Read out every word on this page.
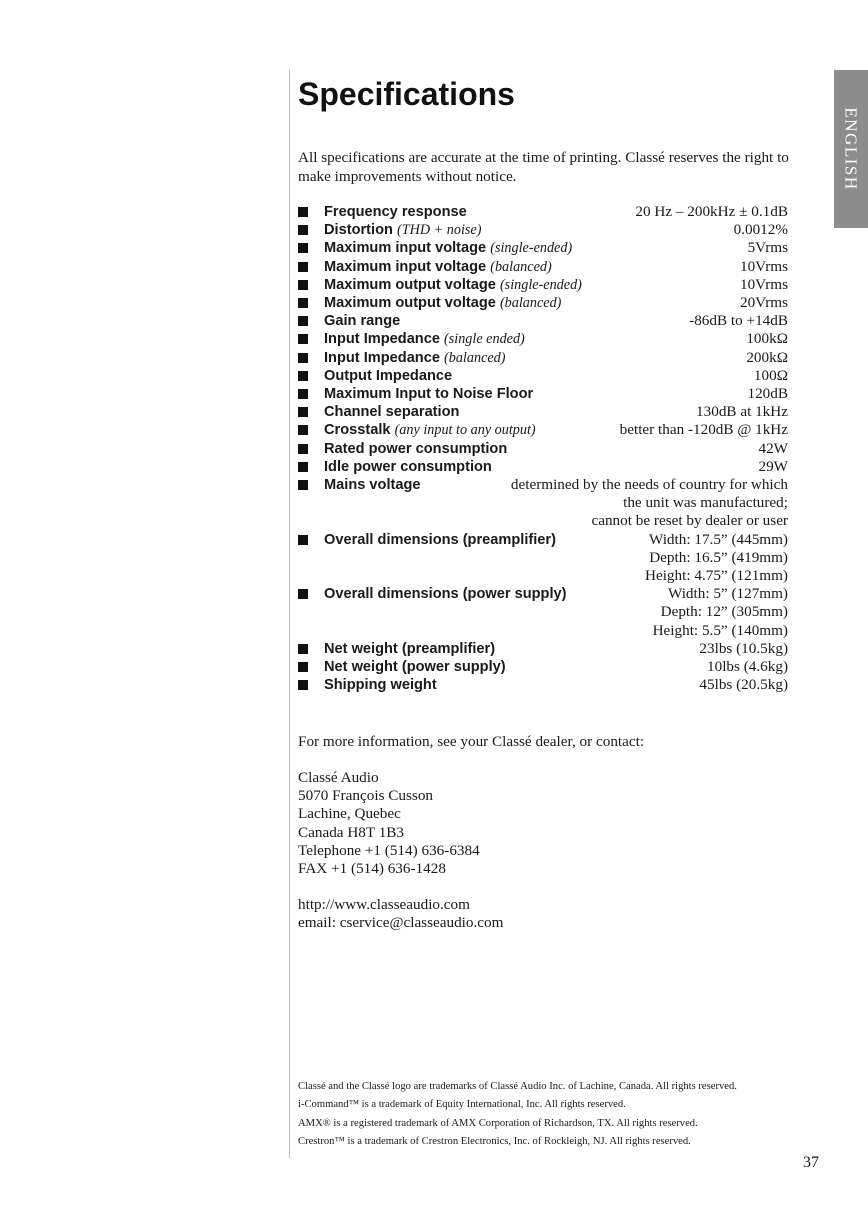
ENGLISH
Specifications
All specifications are accurate at the time of printing. Classé reserves the right to
make improvements without notice.
Frequency response	20 Hz – 200kHz ± 0.1dB
Distortion (THD + noise)	0.0012%
Maximum input voltage (single-ended)	5Vrms
Maximum input voltage (balanced)	10Vrms
Maximum output voltage (single-ended)	10Vrms
Maximum output voltage (balanced)	20Vrms
Gain range	-86dB to +14dB
Input Impedance (single ended)	100kΩ
Input Impedance (balanced)	200kΩ
Output Impedance	100Ω
Maximum Input to Noise Floor	120dB
Channel separation	130dB at 1kHz
Crosstalk (any input to any output)	better than -120dB @ 1kHz
Rated power consumption	42W
Idle power consumption	29W
Mains voltage	determined by the needs of country for which
the unit was manufactured;
cannot be reset by dealer or user
Overall dimensions (preamplifier)	Width: 17.5” (445mm)
Depth: 16.5” (419mm)
Height: 4.75” (121mm)
Overall dimensions (power supply)	Width: 5” (127mm)
Depth: 12” (305mm)
Height: 5.5” (140mm)
Net weight (preamplifier)	23lbs (10.5kg)
Net weight (power supply)	10lbs (4.6kg)
Shipping weight	45lbs (20.5kg)
For more information, see your Classé dealer, or contact:
Classé Audio
5070 François Cusson
Lachine, Quebec
Canada H8T 1B3
Telephone +1 (514) 636-6384
FAX +1 (514) 636-1428
http://www.classeaudio.com
email: cservice@classeaudio.com
Classé and the Classé logo are trademarks of Classé Audio Inc. of Lachine, Canada. All rights reserved.
i-Command™ is a trademark of Equity International, Inc. All rights reserved.
AMX® is a registered trademark of AMX Corporation of Richardson, TX. All rights reserved.
Crestron™ is a trademark of Crestron Electronics, Inc. of Rockleigh, NJ. All rights reserved.
37
